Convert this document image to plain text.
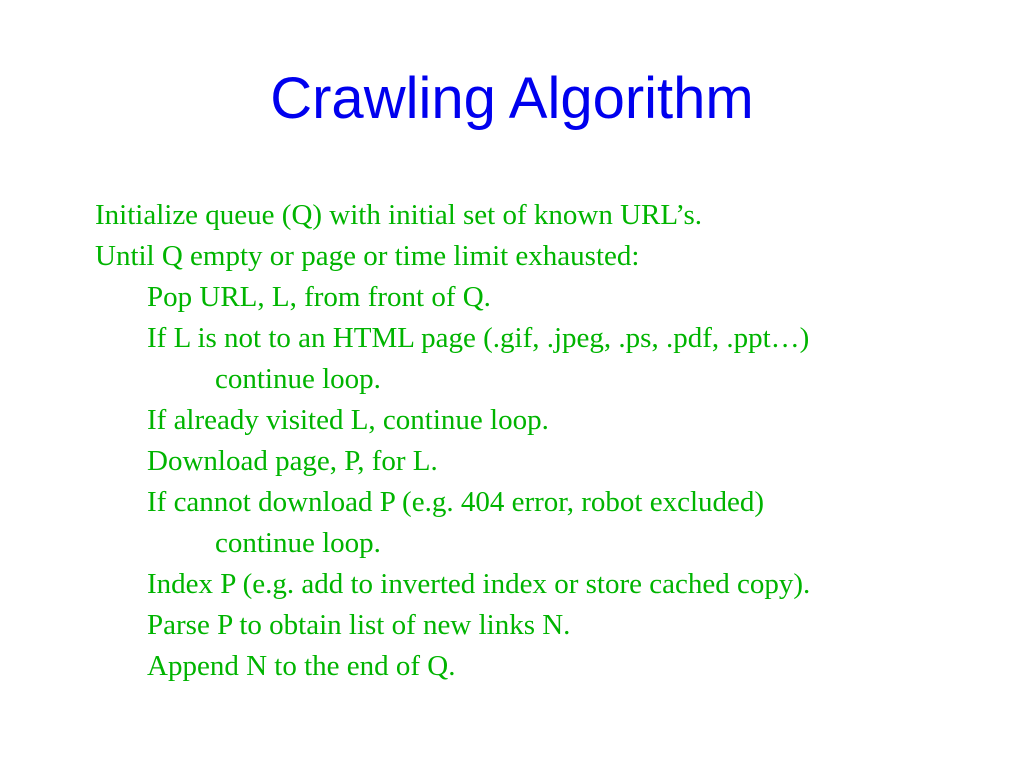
Crawling Algorithm
Initialize queue (Q) with initial set of known URL’s.
Until Q empty or page or time limit exhausted:
Pop URL, L, from front of Q.
If L is not to an HTML page (.gif, .jpeg, .ps, .pdf, .ppt…)
continue loop.
If already visited L, continue loop.
Download page, P, for L.
If cannot download P (e.g. 404 error, robot excluded)
continue loop.
Index P (e.g. add to inverted index or store cached copy).
Parse P to obtain list of new links N.
Append N to the end of Q.
